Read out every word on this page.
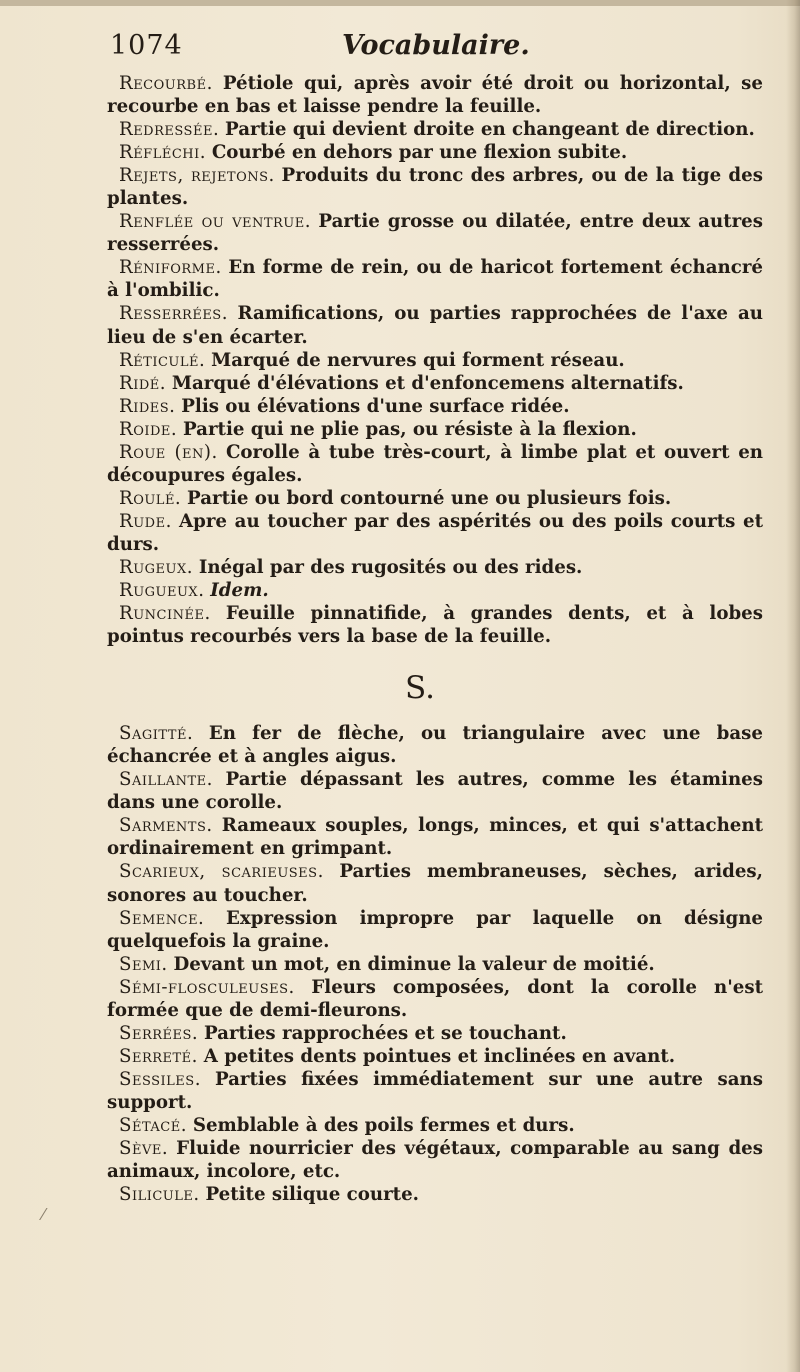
1074	Vocabulaire.

Recourbé. Pétiole qui, après avoir été droit ou horizontal, se recourbe en bas et laisse pendre la feuille.

Redressée. Partie qui devient droite en changeant de direction.

Réfléchi. Courbé en dehors par une flexion subite.

Rejets, rejetons. Produits du tronc des arbres, ou de la tige des plantes.

Renflée ou ventrue. Partie grosse ou dilatée, entre deux autres resserrées.

Réniforme. En forme de rein, ou de haricot fortement échancré à l'ombilic.

Resserrées. Ramifications, ou parties rapprochées de l'axe au lieu de s'en écarter.

Réticulé. Marqué de nervures qui forment réseau.

Ridé. Marqué d'élévations et d'enfoncemens alternatifs.

Rides. Plis ou élévations d'une surface ridée.

Roide. Partie qui ne plie pas, ou résiste à la flexion.

Roue (en). Corolle à tube très-court, à limbe plat et ouvert en découpures égales.

Roulé. Partie ou bord contourné une ou plusieurs fois.

Rude. Apre au toucher par des aspérités ou des poils courts et durs.

Rugeux. Inégal par des rugosités ou des rides.

Rugueux. Idem.

Runcinée. Feuille pinnatifide, à grandes dents, et à lobes pointus recourbés vers la base de la feuille.

S.

Sagitté. En fer de flèche, ou triangulaire avec une base échancrée et à angles aigus.

Saillante. Partie dépassant les autres, comme les étamines dans une corolle.

Sarments. Rameaux souples, longs, minces, et qui s'attachent ordinairement en grimpant.

Scarieux, scarieuses. Parties membraneuses, sèches, arides, sonores au toucher.

Semence. Expression impropre par laquelle on désigne quelquefois la graine.

Semi. Devant un mot, en diminue la valeur de moitié.

Sémi-flosculeuses. Fleurs composées, dont la corolle n'est formée que de demi-fleurons.

Serrées. Parties rapprochées et se touchant.

Serreté. A petites dents pointues et inclinées en avant.

Sessiles. Parties fixées immédiatement sur une autre sans support.

Sétacé. Semblable à des poils fermes et durs.

Sève. Fluide nourricier des végétaux, comparable au sang des animaux, incolore, etc.

Silicule. Petite silique courte.

⁄
